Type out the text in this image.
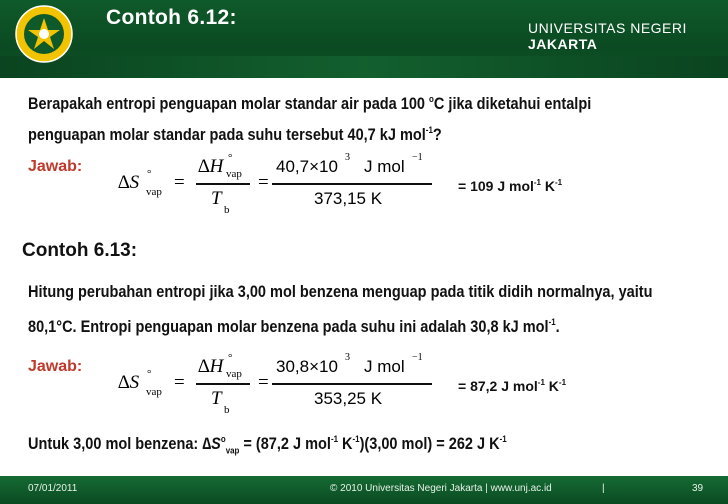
Contoh 6.12:	UNIVERSITAS NEGERI JAKARTA
Berapakah entropi penguapan molar standar air pada 100 $^o$C jika diketahui entalpi
penguapan molar standar pada suhu tersebut 40,7 kJ mol$^{-1}$?
Jawab:
∆S °
vap =
∆H °
vap
T
b
=
40,7×10 3 J mol −1
373,15 K
= 109 J mol$^{-1}$ $K^{-1}$
Contoh 6.13:
Hitung perubahan entropi jika 3,00 mol benzena menguap pada titik didih normalnya, yaitu
80,1°C. Entropi penguapan molar benzena pada suhu ini adalah 30,8 kJ mol$^{-1}$.
Jawab:
∆S °
vap =
∆H °
vap
T
b
=
30,8×10 3 J mol −1
353,25 K
= 87,2 J mol$^{-1}$ $K^{-1}$
Untuk 3,00 mol benzena: $\Delta S^o_{vap} = (87,2$ J mol$^{-1}$ $K^{-1})(3,00$ mol) = 262 J $K^{-1}$
07/01/2011	© 2010 Universitas Negeri Jakarta | www.unj.ac.id	|	39
